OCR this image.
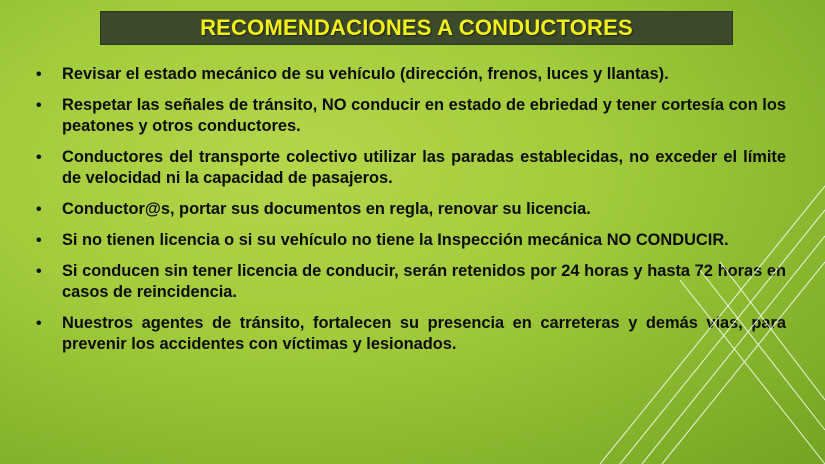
RECOMENDACIONES A CONDUCTORES
• Revisar el estado mecánico de su vehículo (dirección, frenos, luces y llantas).
• Respetar las señales de tránsito, NO conducir en estado de ebriedad y tener cortesía con los peatones y otros conductores.
• Conductores del transporte colectivo utilizar las paradas establecidas, no exceder el límite de velocidad ni la capacidad de pasajeros.
• Conductor@s, portar sus documentos en regla, renovar su licencia.
• Si no tienen licencia o si su vehículo no tiene la Inspección mecánica NO CONDUCIR.
• Si conducen sin tener licencia de conducir, serán retenidos por 24 horas y hasta 72 horas en casos de reincidencia.
• Nuestros agentes de tránsito, fortalecen su presencia en carreteras y demás vías, para prevenir los accidentes con víctimas y lesionados.
